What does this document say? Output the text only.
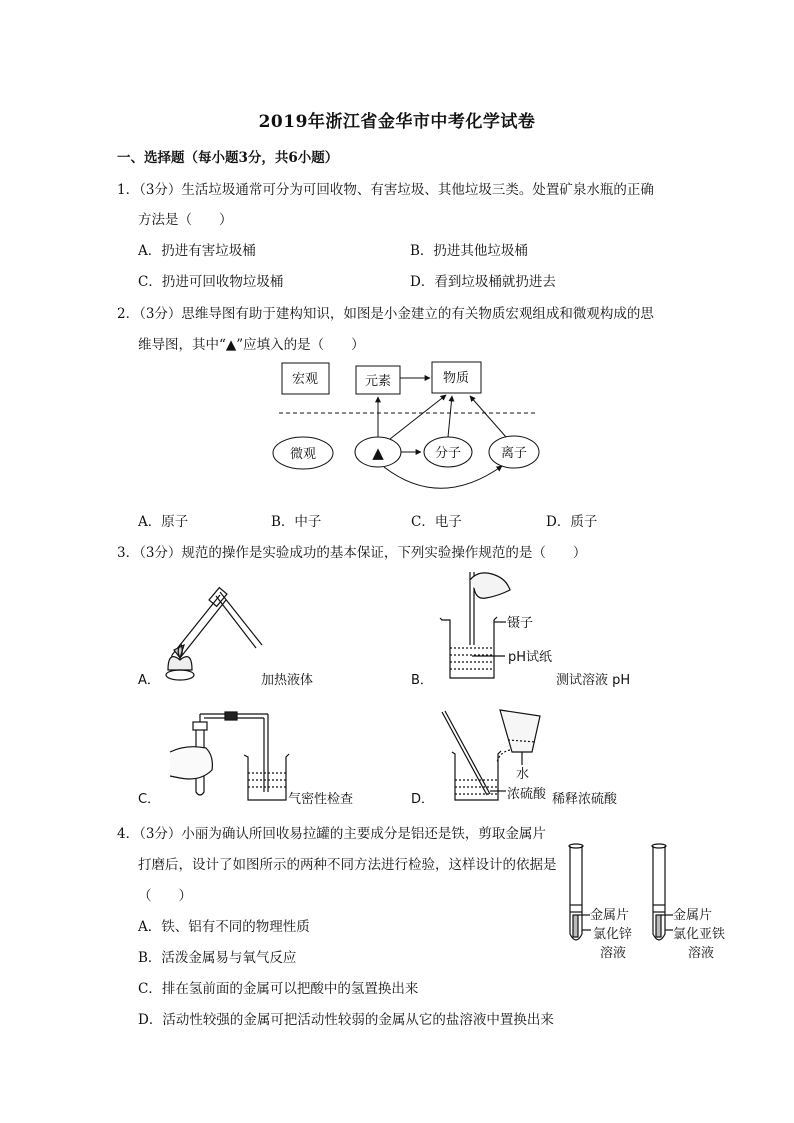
2019年浙江省金华市中考化学试卷
一、选择题（每小题3分，共6小题）
1．（3分）生活垃圾通常可分为可回收物、有害垃圾、其他垃圾三类。处置矿泉水瓶的正确
方法是（　　）
A．扔进有害垃圾桶	B．扔进其他垃圾桶
C．扔进可回收物垃圾桶	D．看到垃圾桶就扔进去
2．（3分）思维导图有助于建构知识，如图是小金建立的有关物质宏观组成和微观构成的思
维导图，其中“▲”应填入的是（　　）
宏观	元素	物质
微观	▲	分子	离子
A．	加热液体
镊子
pH试纸
B．	测试溶液 pH
C．	气密性检查
水
浓硫酸 稀释浓硫酸
D．
金属片
氯化锌
溶液
金属片
氯化亚铁
溶液
A．原子	B．中子	C．电子	D．质子
3．（3分）规范的操作是实验成功的基本保证，下列实验操作规范的是（　　）
4．（3分）小丽为确认所回收易拉罐的主要成分是铝还是铁，剪取金属片
打磨后，设计了如图所示的两种不同方法进行检验，这样设计的依据是
（　　）
A．铁、铝有不同的物理性质
B．活泼金属易与氧气反应
C．排在氢前面的金属可以把酸中的氢置换出来
D．活动性较强的金属可把活动性较弱的金属从它的盐溶液中置换出来
